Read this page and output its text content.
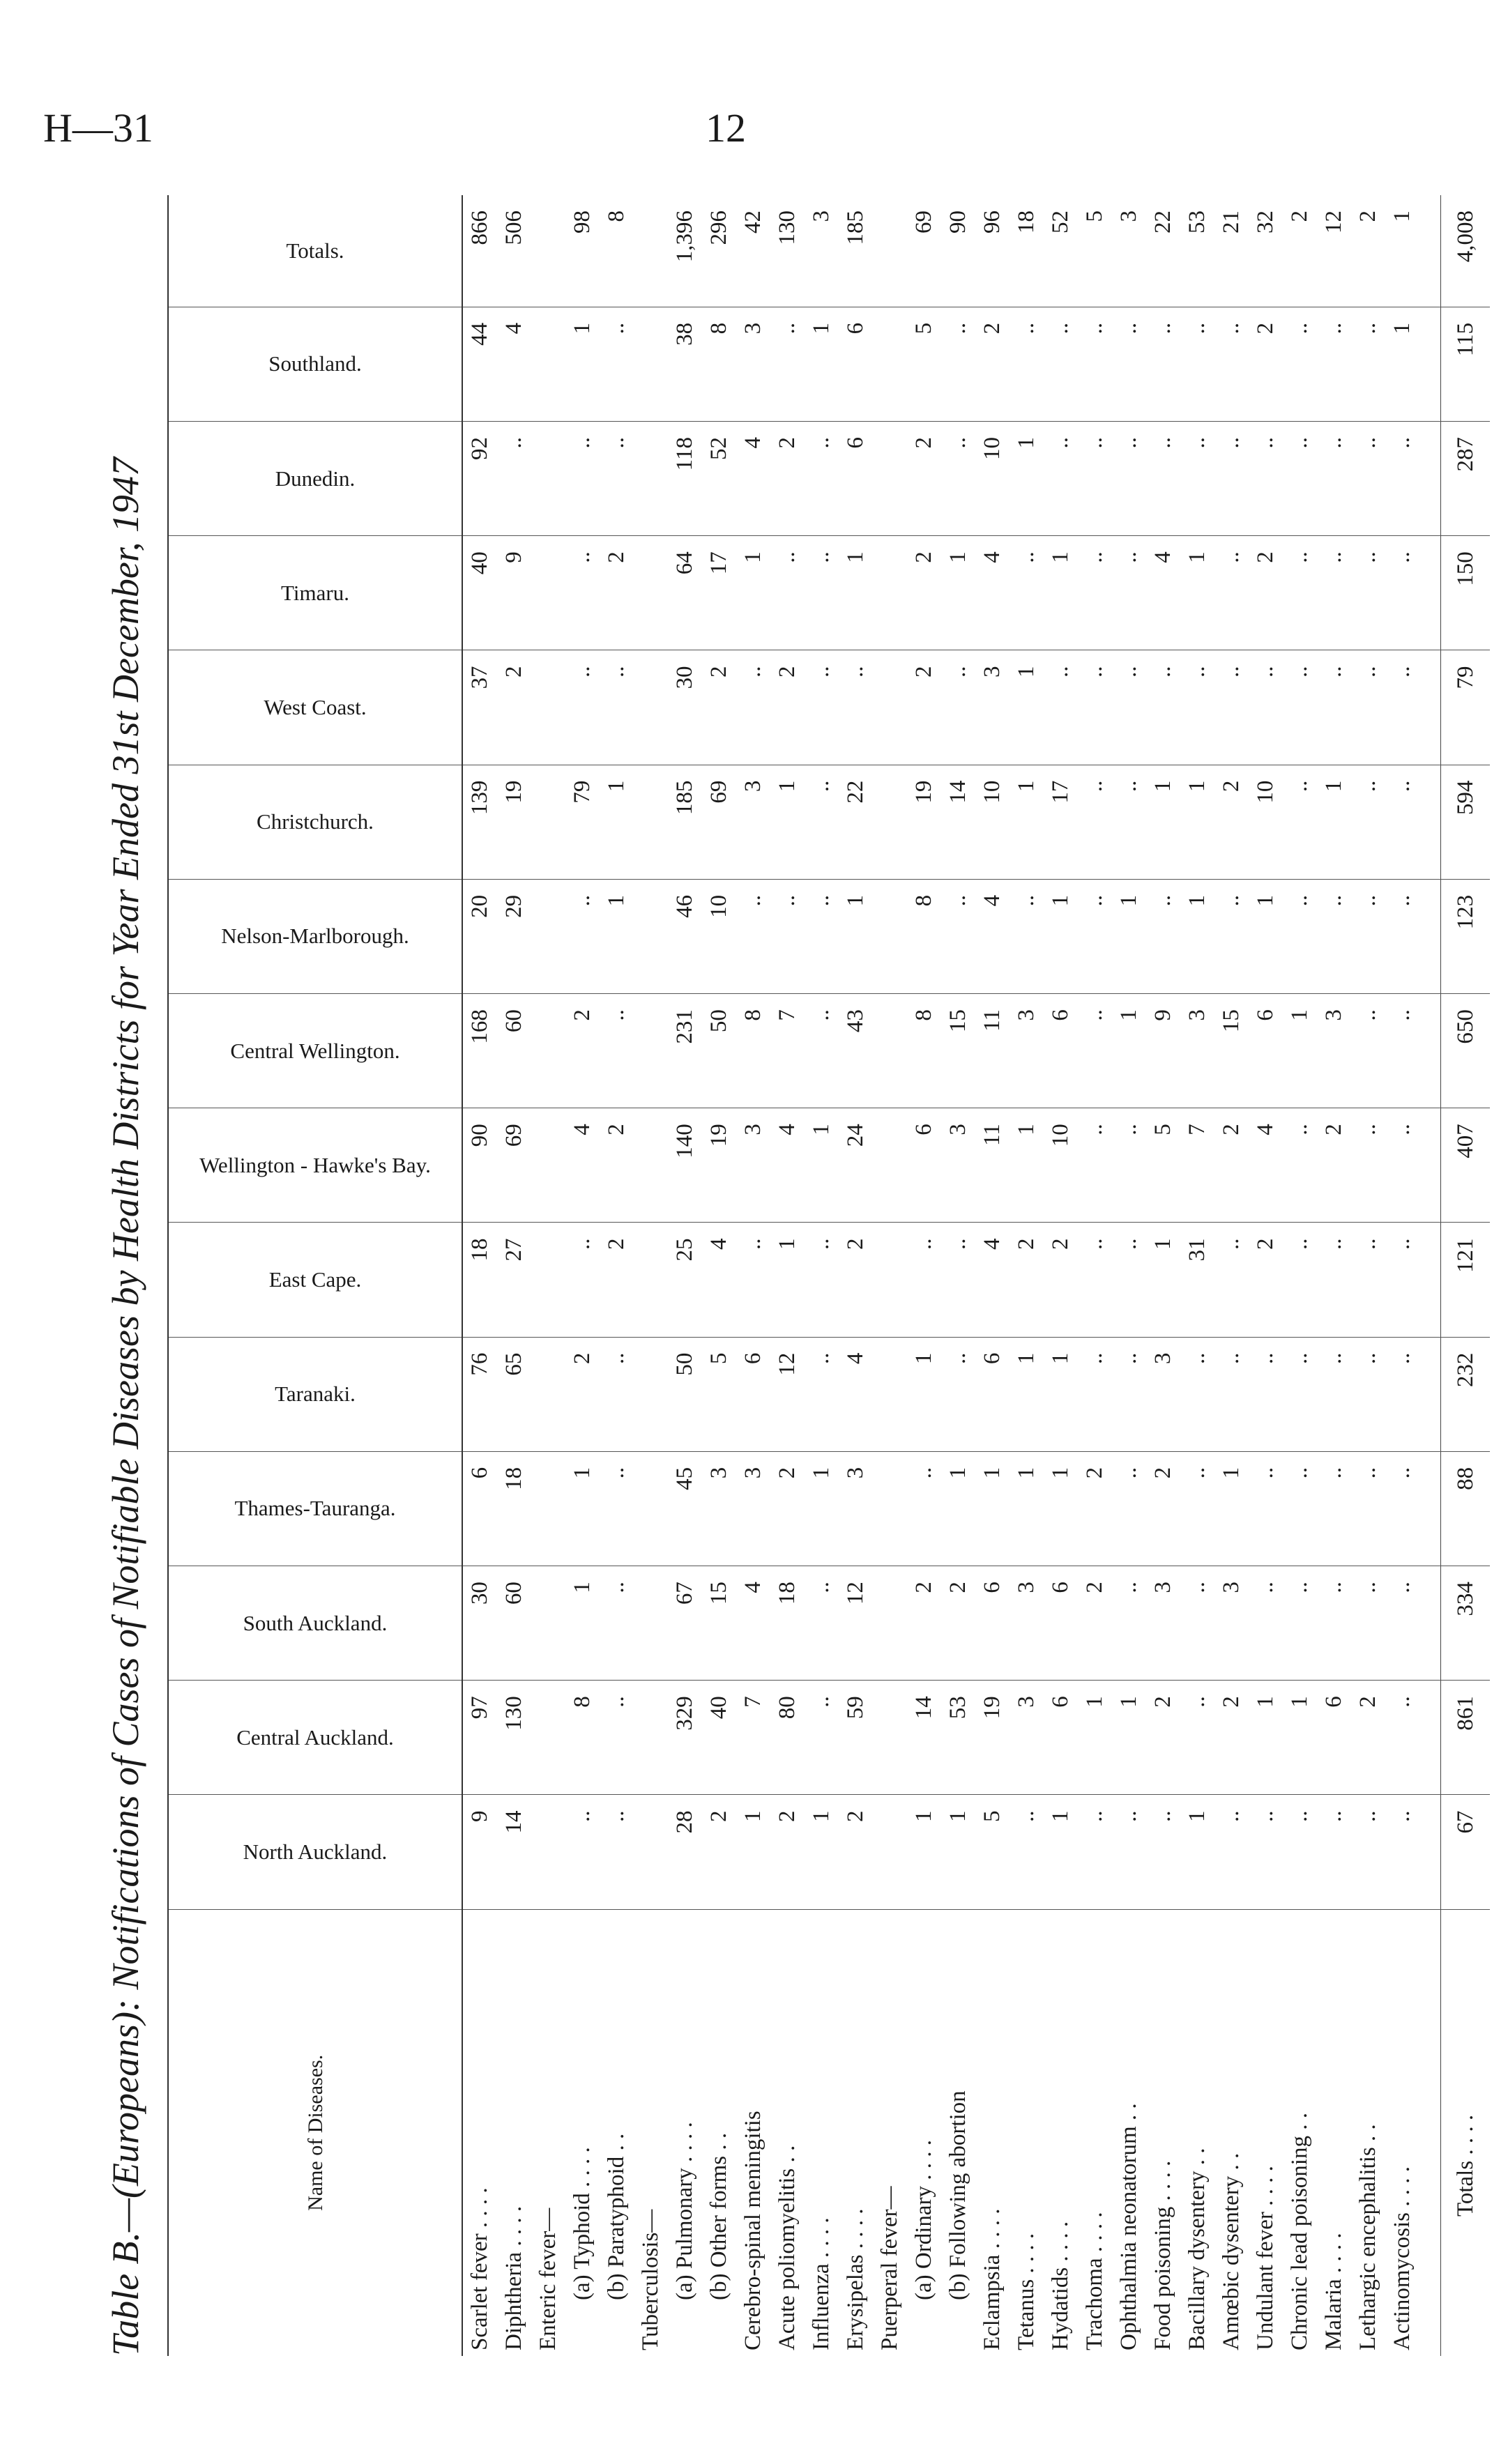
H—31	12
Table B.—(Europeans): Notifications of Cases of Notifiable Diseases by Health Districts for Year Ended 31st December, 1947	Name of Diseases.	North Auckland.	Central Auckland.	South Auckland.	Thames-Tauranga.	Taranaki.	East Cape.	Wellington - Hawke's Bay.	Central Wellington.	Nelson-Marlborough.	Christchurch.	West Coast.	Timaru.	Dunedin.	Southland.	Totals.

Scarlet fever . . . .	9	97	30	6	76	18	90	168	20	139	37	40	92	44	866
Diphtheria . . . .	14	130	60	18	65	27	69	60	29	19	2	9	..	4	506
Enteric fever—															
(a) Typhoid . . . .	..	8	1	1	2	..	4	2	..	79	..	..	..	1	98
(b) Paratyphoid . .	..	..	..	..	..	2	2	..	1	1	..	2	..	..	8
Tuberculosis—															
(a) Pulmonary . . . .	28	329	67	45	50	25	140	231	46	185	30	64	118	38	1,396
(b) Other forms . .	2	40	15	3	5	4	19	50	10	69	2	17	52	8	296
Cerebro-spinal meningitis	1	7	4	3	6	..	3	8	..	3	..	1	4	3	42
Acute poliomyelitis . .	2	80	18	2	12	1	4	7	..	1	2	..	2	..	130
Influenza . . . .	1	..	..	1	..	..	1	..	..	..	..	..	..	1	3
Erysipelas . . . .	2	59	12	3	4	2	24	43	1	22	..	1	6	6	185
Puerperal fever—															
(a) Ordinary . . . .	1	14	2	..	1	..	6	8	8	19	2	2	2	5	69
(b) Following abortion	1	53	2	1	..	..	3	15	..	14	..	1	..	..	90
Eclampsia . . . .	5	19	6	1	6	4	11	11	4	10	3	4	10	2	96
Tetanus . . . .	..	3	3	1	1	2	1	3	..	1	1	..	1	..	18
Hydatids . . . .	1	6	6	1	1	2	10	6	1	17	..	1	..	..	52
Trachoma . . . .	..	1	2	2	..	..	..	..	..	..	..	..	..	..	5
Ophthalmia neonatorum . .	..	1	..	..	..	..	..	1	1	..	..	..	..	..	3
Food poisoning . . . .	..	2	3	2	3	1	5	9	..	1	..	4	..	..	22
Bacillary dysentery . .	1	..	..	..	..	31	7	3	1	1	..	1	..	..	53
Amœbic dysentery . .	..	2	3	1	..	..	2	15	..	2	..	..	..	..	21
Undulant fever . . . .	..	1	..	..	..	2	4	6	1	10	..	2	..	2	32
Chronic lead poisoning . .	..	1	..	..	..	..	..	1	..	..	..	..	..	..	2
Malaria . . . .	..	6	..	..	..	..	2	3	..	1	..	..	..	..	12
Lethargic encephalitis . .	..	2	..	..	..	..	..	..	..	..	..	..	..	..	2
Actinomycosis . . . .	..	..	..	..	..	..	..	..	..	..	..	..	..	1	1

Totals . . . .	67	861	334	88	232	121	407	650	123	594	79	150	287	115	4,008
